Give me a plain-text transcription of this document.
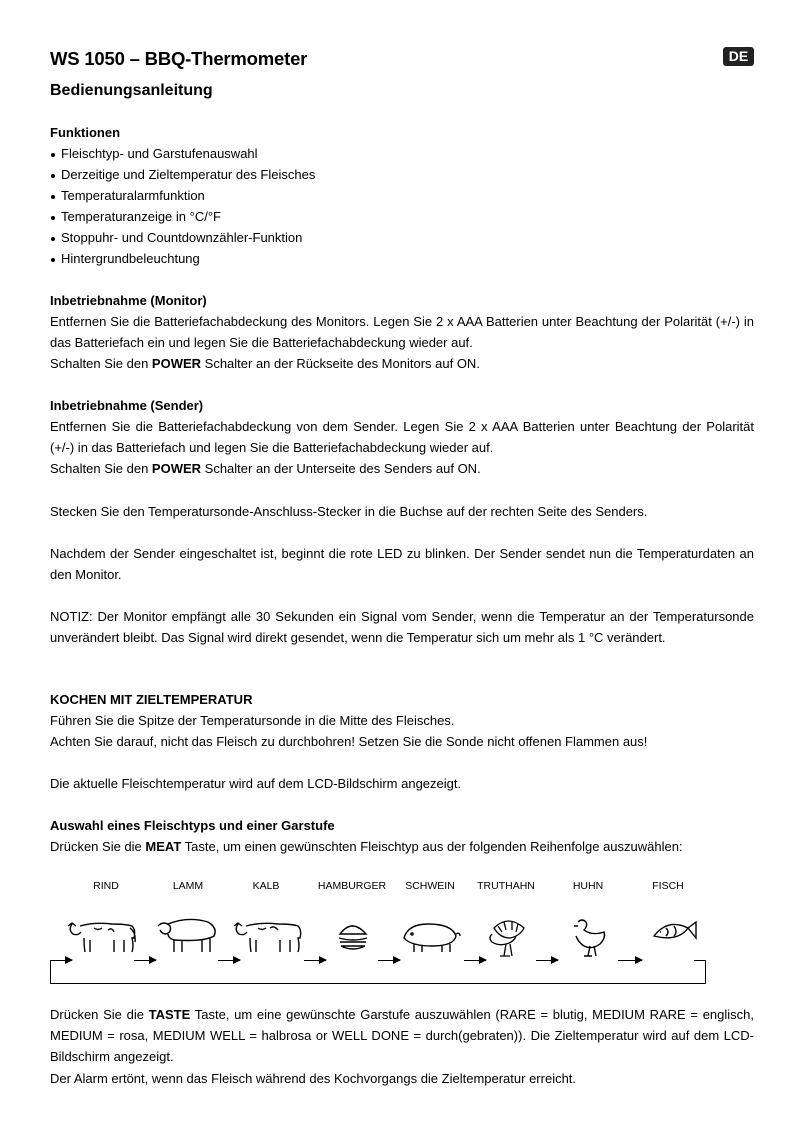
WS 1050 – BBQ-Thermometer
Bedienungsanleitung
Funktionen
Fleischtyp- und Garstufenauswahl
Derzeitige und Zieltemperatur des Fleisches
Temperaturalarmfunktion
Temperaturanzeige in °C/°F
Stoppuhr- und Countdownzähler-Funktion
Hintergrundbeleuchtung
Inbetriebnahme (Monitor)
Entfernen Sie die Batteriefachabdeckung des Monitors. Legen Sie 2 x AAA Batterien unter Beachtung der Polarität (+/-) in das Batteriefach ein und legen Sie die Batteriefachabdeckung wieder auf.
Schalten Sie den POWER Schalter an der Rückseite des Monitors auf ON.
Inbetriebnahme (Sender)
Entfernen Sie die Batteriefachabdeckung von dem Sender. Legen Sie 2 x AAA Batterien unter Beachtung der Polarität (+/-) in das Batteriefach und legen Sie die Batteriefachabdeckung wieder auf.
Schalten Sie den POWER Schalter an der Unterseite des Senders auf ON.
Stecken Sie den Temperatursonde-Anschluss-Stecker in die Buchse auf der rechten Seite des Senders.
Nachdem der Sender eingeschaltet ist, beginnt die rote LED zu blinken. Der Sender sendet nun die Temperaturdaten an den Monitor.
NOTIZ: Der Monitor empfängt alle 30 Sekunden ein Signal vom Sender, wenn die Temperatur an der Temperatursonde unverändert bleibt. Das Signal wird direkt gesendet, wenn die Temperatur sich um mehr als 1 °C verändert.
KOCHEN MIT ZIELTEMPERATUR
Führen Sie die Spitze der Temperatursonde in die Mitte des Fleisches.
Achten Sie darauf, nicht das Fleisch zu durchbohren! Setzen Sie die Sonde nicht offenen Flammen aus!
Die aktuelle Fleischtemperatur wird auf dem LCD-Bildschirm angezeigt.
Auswahl eines Fleischtyps und einer Garstufe
Drücken Sie die MEAT Taste, um einen gewünschten Fleischtyp aus der folgenden Reihenfolge auszuwählen:
RIND	LAMM	KALB	HAMBURGER	SCHWEIN	TRUTHAHN	HUHN	FISCH
Drücken Sie die TASTE Taste, um eine gewünschte Garstufe auszuwählen (RARE = blutig, MEDIUM RARE = englisch, MEDIUM = rosa, MEDIUM WELL = halbrosa or WELL DONE = durch(gebraten)). Die Zieltemperatur wird auf dem LCD-Bildschirm angezeigt.
Der Alarm ertönt, wenn das Fleisch während des Kochvorgangs die Zieltemperatur erreicht.
DE
